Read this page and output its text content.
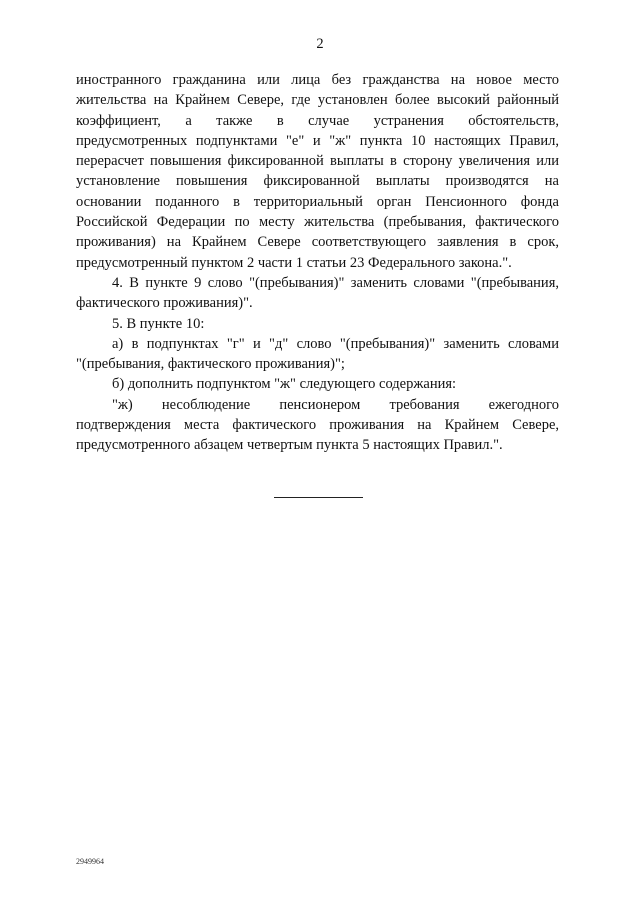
2
иностранного гражданина или лица без гражданства на новое место
жительства на Крайнем Севере, где установлен более высокий районный
коэффициент, а также в случае устранения обстоятельств,
предусмотренных подпунктами "е" и "ж" пункта 10 настоящих Правил,
перерасчет повышения фиксированной выплаты в сторону увеличения или
установление повышения фиксированной выплаты производятся на
основании поданного в территориальный орган Пенсионного фонда
Российской Федерации по месту жительства (пребывания, фактического
проживания) на Крайнем Севере соответствующего заявления в срок,
предусмотренный пунктом 2 части 1 статьи 23 Федерального закона.".
4. В пункте 9 слово "(пребывания)" заменить словами "(пребывания,
фактического проживания)".
5. В пункте 10:
а) в подпунктах "г" и "д" слово "(пребывания)" заменить словами
"(пребывания, фактического проживания)";
б) дополнить подпунктом "ж" следующего содержания:
"ж) несоблюдение пенсионером требования ежегодного
подтверждения места фактического проживания на Крайнем Севере,
предусмотренного абзацем четвертым пункта 5 настоящих Правил.".
2949964
